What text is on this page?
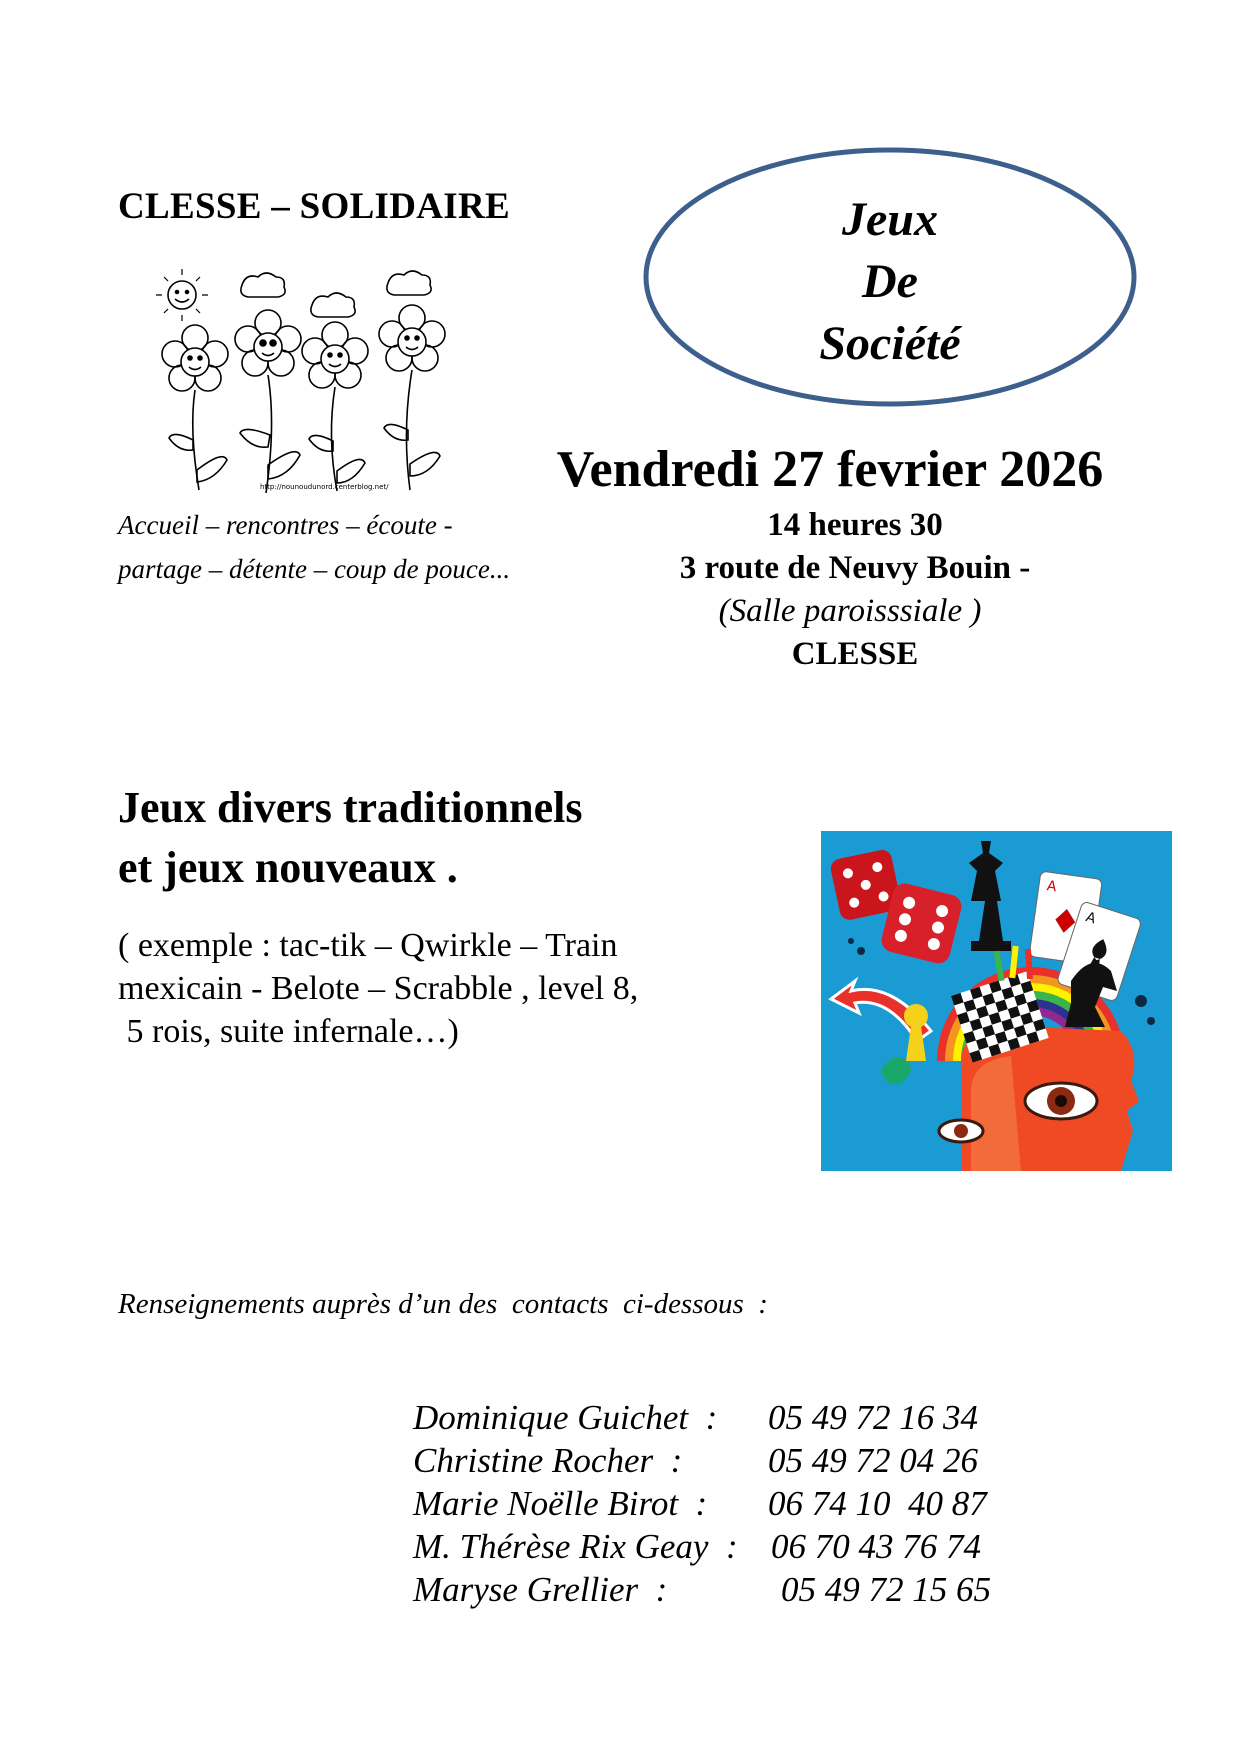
CLESSE – SOLIDAIRE
http://nounoudunord.centerblog.net/
Accueil – rencontres – écoute -
partage – détente – coup de pouce...
Jeux
De
Société
Vendredi 27 fevrier 2026
14 heures 30
3 route de Neuvy Bouin -
(Salle paroisssiale )
CLESSE
Jeux divers traditionnels
et jeux nouveaux .
( exemple : tac-tik – Qwirkle – Train
mexicain - Belote – Scrabble , level 8,
5 rois, suite infernale…)
A
A
Renseignements auprès d’un des  contacts  ci-dessous  :
Dominique Guichet  : 05 49 72 16 34
Christine Rocher  : 05 49 72 04 26
Marie Noëlle Birot  : 06 74 10  40 87
M. Thérèse Rix Geay  : 06 70 43 76 74
Maryse Grellier  :	05 49 72 15 65
